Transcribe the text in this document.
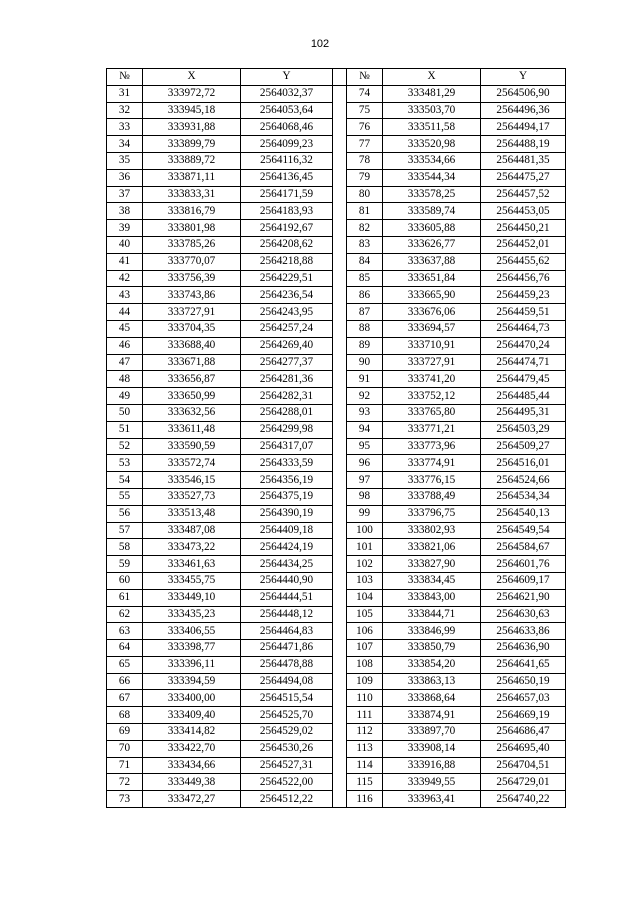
102
№	X	Y		№	X	Y
31	333972,72	2564032,37		74	333481,29	2564506,90
32	333945,18	2564053,64		75	333503,70	2564496,36
33	333931,88	2564068,46		76	333511,58	2564494,17
34	333899,79	2564099,23		77	333520,98	2564488,19
35	333889,72	2564116,32		78	333534,66	2564481,35
36	333871,11	2564136,45		79	333544,34	2564475,27
37	333833,31	2564171,59		80	333578,25	2564457,52
38	333816,79	2564183,93		81	333589,74	2564453,05
39	333801,98	2564192,67		82	333605,88	2564450,21
40	333785,26	2564208,62		83	333626,77	2564452,01
41	333770,07	2564218,88		84	333637,88	2564455,62
42	333756,39	2564229,51		85	333651,84	2564456,76
43	333743,86	2564236,54		86	333665,90	2564459,23
44	333727,91	2564243,95		87	333676,06	2564459,51
45	333704,35	2564257,24		88	333694,57	2564464,73
46	333688,40	2564269,40		89	333710,91	2564470,24
47	333671,88	2564277,37		90	333727,91	2564474,71
48	333656,87	2564281,36		91	333741,20	2564479,45
49	333650,99	2564282,31		92	333752,12	2564485,44
50	333632,56	2564288,01		93	333765,80	2564495,31
51	333611,48	2564299,98		94	333771,21	2564503,29
52	333590,59	2564317,07		95	333773,96	2564509,27
53	333572,74	2564333,59		96	333774,91	2564516,01
54	333546,15	2564356,19		97	333776,15	2564524,66
55	333527,73	2564375,19		98	333788,49	2564534,34
56	333513,48	2564390,19		99	333796,75	2564540,13
57	333487,08	2564409,18		100	333802,93	2564549,54
58	333473,22	2564424,19		101	333821,06	2564584,67
59	333461,63	2564434,25		102	333827,90	2564601,76
60	333455,75	2564440,90		103	333834,45	2564609,17
61	333449,10	2564444,51		104	333843,00	2564621,90
62	333435,23	2564448,12		105	333844,71	2564630,63
63	333406,55	2564464,83		106	333846,99	2564633,86
64	333398,77	2564471,86		107	333850,79	2564636,90
65	333396,11	2564478,88		108	333854,20	2564641,65
66	333394,59	2564494,08		109	333863,13	2564650,19
67	333400,00	2564515,54		110	333868,64	2564657,03
68	333409,40	2564525,70		111	333874,91	2564669,19
69	333414,82	2564529,02		112	333897,70	2564686,47
70	333422,70	2564530,26		113	333908,14	2564695,40
71	333434,66	2564527,31		114	333916,88	2564704,51
72	333449,38	2564522,00		115	333949,55	2564729,01
73	333472,27	2564512,22		116	333963,41	2564740,22
